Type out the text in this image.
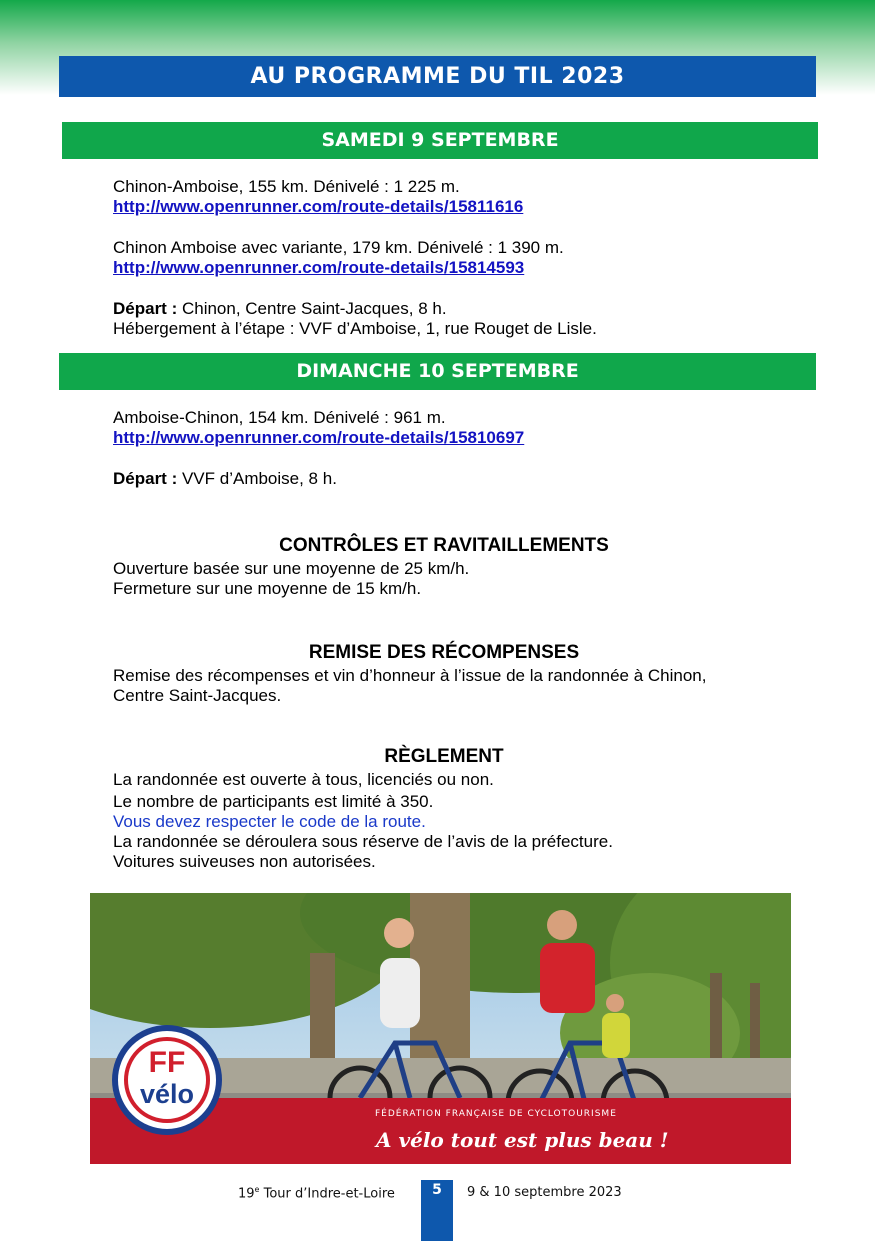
AU PROGRAMME DU TIL 2023
SAMEDI 9 SEPTEMBRE
Chinon-Amboise, 155 km. Dénivelé : 1 225 m.
http://www.openrunner.com/route-details/15811616
Chinon Amboise avec variante, 179 km. Dénivelé : 1 390 m.
http://www.openrunner.com/route-details/15814593
Départ : Chinon, Centre Saint-Jacques, 8 h.
Hébergement à l’étape : VVF d’Amboise, 1, rue Rouget de Lisle.
DIMANCHE 10 SEPTEMBRE
Amboise-Chinon, 154 km. Dénivelé : 961 m.
http://www.openrunner.com/route-details/15810697
Départ : VVF d’Amboise, 8 h.
CONTRÔLES ET RAVITAILLEMENTS
Ouverture basée sur une moyenne de 25 km/h.
Fermeture sur une moyenne de 15 km/h.
REMISE DES RÉCOMPENSES
Remise des récompenses et vin d’honneur à l’issue de la randonnée à Chinon,
Centre Saint-Jacques.
RÈGLEMENT
La randonnée est ouverte à tous, licenciés ou non.
Le nombre de participants est limité à 350.
Vous devez respecter le code de la route.
La randonnée se déroulera sous réserve de l’avis de la préfecture.
Voitures suiveuses non autorisées.
FÉDÉRATION FRANÇAISE DE CYCLOTOURISME
A vélo tout est plus beau !
FF
vélo
19e Tour d’Indre-et-Loire	5	9 & 10 septembre 2023
